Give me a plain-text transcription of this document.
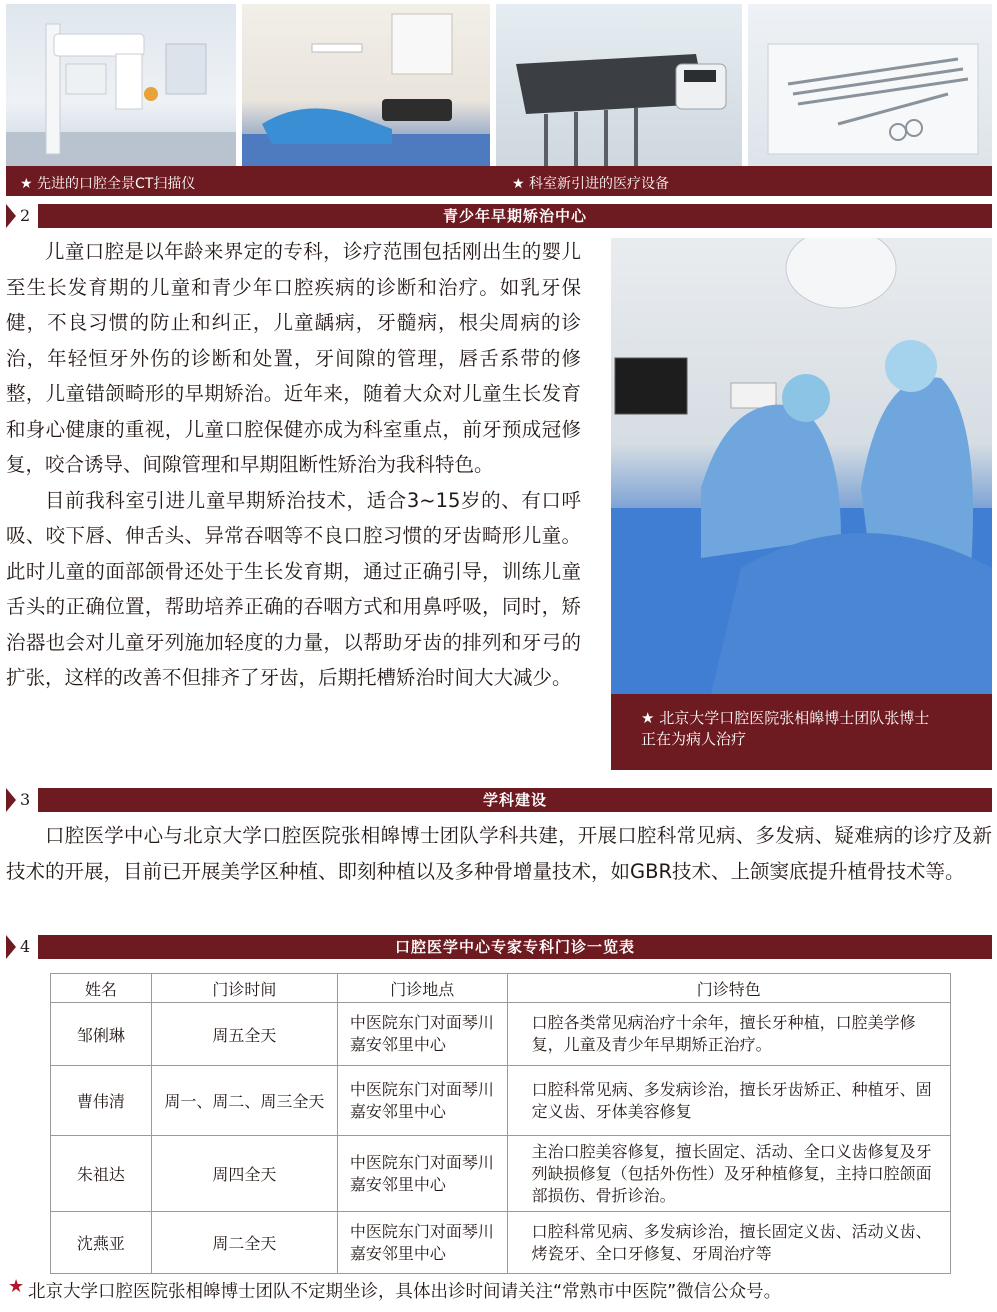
★ 先进的口腔全景CT扫描仪	★ 科室新引进的医疗设备
2	青少年早期矫治中心

儿童口腔是以年龄来界定的专科，诊疗范围包括刚出生的婴儿至生长发育期的儿童和青少年口腔疾病的诊断和治疗。如乳牙保健，不良习惯的防止和纠正，儿童龋病，牙髓病，根尖周病的诊治，年轻恒牙外伤的诊断和处置，牙间隙的管理，唇舌系带的修整，儿童错颌畸形的早期矫治。近年来，随着大众对儿童生长发育和身心健康的重视，儿童口腔保健亦成为科室重点，前牙预成冠修复，咬合诱导、间隙管理和早期阻断性矫治为我科特色。

目前我科室引进儿童早期矫治技术，适合3~15岁的、有口呼吸、咬下唇、伸舌头、异常吞咽等不良口腔习惯的牙齿畸形儿童。此时儿童的面部颌骨还处于生长发育期，通过正确引导，训练儿童舌头的正确位置，帮助培养正确的吞咽方式和用鼻呼吸，同时，矫治器也会对儿童牙列施加轻度的力量，以帮助牙齿的排列和牙弓的扩张，这样的改善不但排齐了牙齿，后期托槽矫治时间大大减少。

★ 北京大学口腔医院张相皞博士团队张博士
正在为病人治疗
3	学科建设

口腔医学中心与北京大学口腔医院张相皞博士团队学科共建，开展口腔科常见病、多发病、疑难病的诊疗及新技术的开展，目前已开展美学区种植、即刻种植以及多种骨增量技术，如GBR技术、上颌窦底提升植骨技术等。

4	口腔医学中心专家专科门诊一览表
姓名	门诊时间	门诊地点	门诊特色
邹俐琳	周五全天	中医院东门对面琴川嘉安邻里中心	口腔各类常见病治疗十余年，擅长牙种植，口腔美学修复，儿童及青少年早期矫正治疗。
曹伟清	周一、周二、周三全天	中医院东门对面琴川嘉安邻里中心	口腔科常见病、多发病诊治，擅长牙齿矫正、种植牙、固定义齿、牙体美容修复
朱祖达	周四全天	中医院东门对面琴川嘉安邻里中心	主治口腔美容修复，擅长固定、活动、全口义齿修复及牙列缺损修复（包括外伤性）及牙种植修复，主持口腔颌面部损伤、骨折诊治。
沈燕亚	周二全天	中医院东门对面琴川嘉安邻里中心	口腔科常见病、多发病诊治，擅长固定义齿、活动义齿、烤瓷牙、全口牙修复、牙周治疗等
★ 北京大学口腔医院张相皞博士团队不定期坐诊，具体出诊时间请关注“常熟市中医院”微信公众号。
